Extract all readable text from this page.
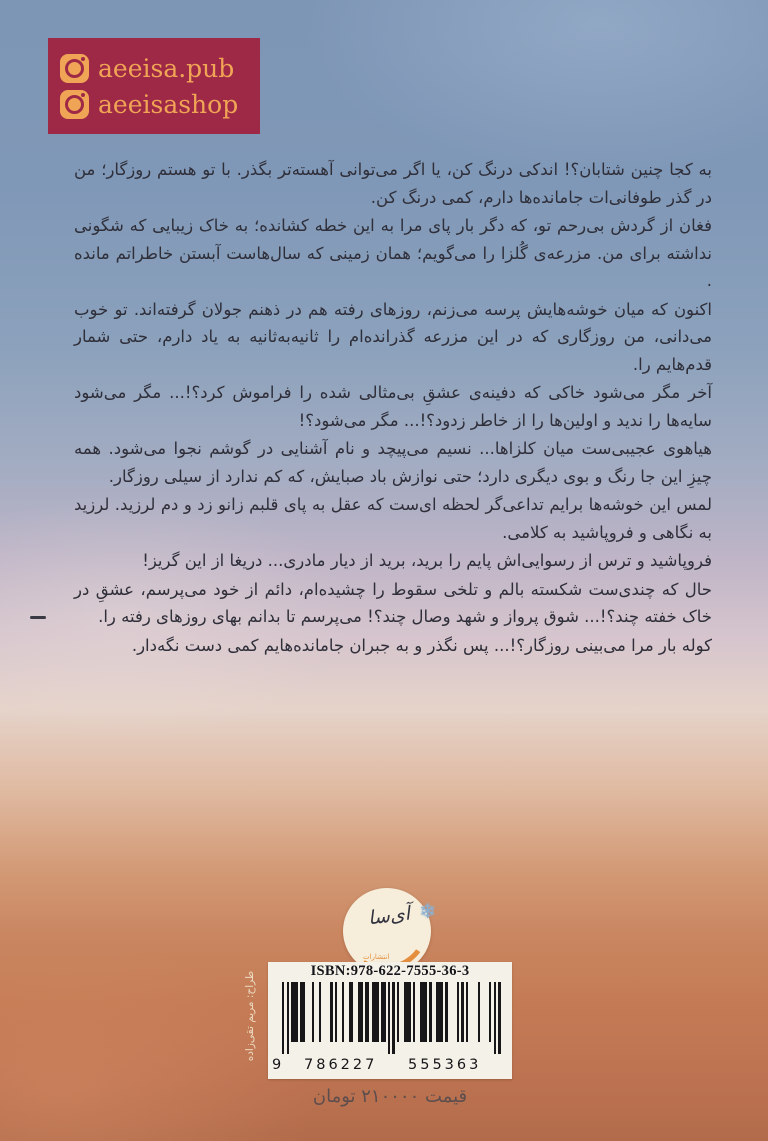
aeeisa.pub
aeeisashop

به کجا چنین شتابان؟! اندکی درنگ کن، یا اگر می‌توانی آهسته‌تر بگذر. با تو هستم روزگار؛ من در گذر طوفانی‌ات جامانده‌ها دارم، کمی درنگ کن.

فغان از گردش بی‌رحم تو، که دگر بار پای مرا به این خطه کشانده؛ به خاک زیبایی که شگونی نداشته برای من. مزرعه‌ی گُلزا را می‌گویم؛ همان زمینی که سال‌هاست آبستن خاطراتم مانده .

اکنون که میان خوشه‌هایش پرسه می‌زنم، روزهای رفته هم در ذهنم جولان گرفته‌اند. تو خوب می‌دانی، من روزگاری که در این مزرعه گذرانده‌ام را ثانیه‌به‌ثانیه به یاد دارم، حتی شمار قدم‌هایم را.

آخر مگر می‌شود خاکی که دفینه‌ی عشقِ بی‌مثالی شده را فراموش کرد؟!... مگر می‌شود سایه‌ها را ندید و اولین‌ها را از خاطر زدود؟!... مگر می‌شود؟!

هیاهوی عجیبی‌ست میان کلزاها... نسیم می‌پیچد و نام آشنایی در گوشم نجوا می‌شود. همه چیزِ این جا رنگ و بوی دیگری دارد؛ حتی نوازش باد صبایش، که کم ندارد از سیلی روزگار.

لمس این خوشه‌ها برایم تداعی‌گر لحظه ای‌ست که عقل به پای قلبم زانو زد و دم لرزید. لرزید به نگاهی و فروپاشید به کلامی.

فروپاشید و ترس از رسوایی‌اش پایم را برید، برید از دیار مادری... دریغا از این گریز!

حال که چندی‌ست شکسته بالم و تلخی سقوط را چشیده‌ام، دائم از خود می‌پرسم، عشقِ در خاک خفته چند؟!... شوق پرواز و شهد وصال چند؟! می‌پرسم تا بدانم بهای روزهای رفته را.

کوله بار مرا می‌بینی روزگار؟!... پس نگذر و به جبران جامانده‌هایم کمی دست نگه‌دار.

❄
آی‌سا
انتشارات
طراح: مریم تقی‌زاده	ISBN:978-622-7555-36-3
9 786227 555363
قیمت ۲۱۰۰۰۰ تومان
